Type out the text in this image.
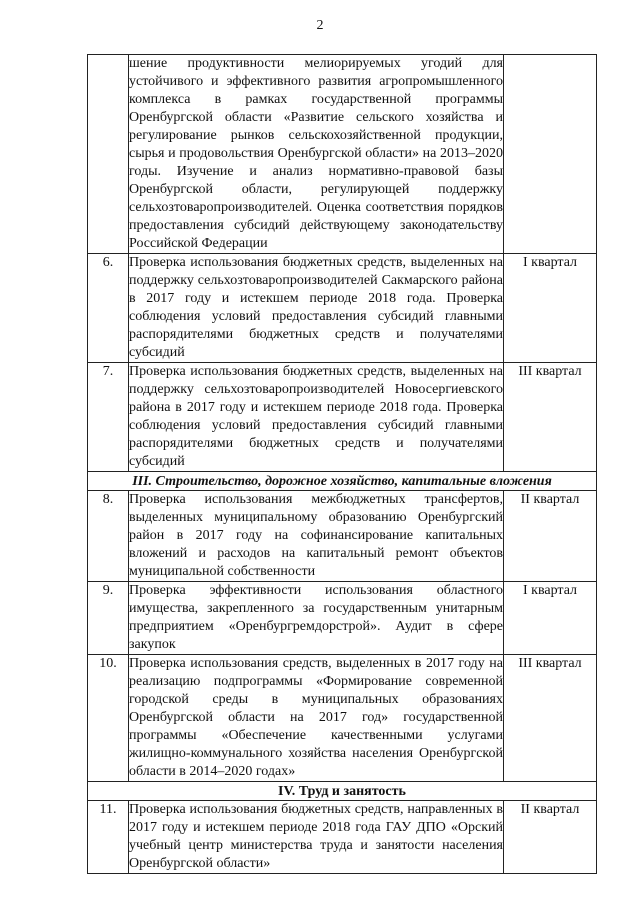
2

	шение продуктивности мелиорируемых угодий для устойчивого и эффективного развития агропромышленного комплекса в рамках государственной программы Оренбургской области «Развитие сельского хозяйства и регулирование рынков сельскохозяйственной продукции, сырья и продовольствия Оренбургской области» на 2013–2020 годы. Изучение и анализ нормативно-правовой базы Оренбургской области, регулирующей поддержку сельхозтоваропроизводителей. Оценка соответствия порядков предоставления субсидий действующему законодательству Российской Федерации	

6.	Проверка использования бюджетных средств, выделенных на поддержку сельхозтоваропроизводителей Сакмарского района в 2017 году и истекшем периоде 2018 года. Проверка соблюдения условий предоставления субсидий главными распорядителями бюджетных средств и получателями субсидий	I квартал
7.	Проверка использования бюджетных средств, выделенных на поддержку сельхозтоваропроизводителей Новосергиевского района в 2017 году и истекшем периоде 2018 года. Проверка соблюдения условий предоставления субсидий главными распорядителями бюджетных средств и получателями субсидий	III квартал
III. Строительство, дорожное хозяйство, капитальные вложения		
8.	Проверка использования межбюджетных трансфертов, выделенных муниципальному образованию Оренбургский район в 2017 году на софинансирование капитальных вложений и расходов на капитальный ремонт объектов муниципальной собственности	II квартал
9.	Проверка эффективности использования областного имущества, закрепленного за государственным унитарным предприятием «Оренбургремдорстрой». Аудит в сфере закупок	I квартал
10.	Проверка использования средств, выделенных в 2017 году на реализацию подпрограммы «Формирование современной городской среды в муниципальных образованиях Оренбургской области на 2017 год» государственной программы «Обеспечение качественными услугами жилищно-коммунального хозяйства населения Оренбургской области в 2014–2020 годах»	III квартал
IV. Труд и занятость		
11.	Проверка использования бюджетных средств, направленных в 2017 году и истекшем периоде 2018 года ГАУ ДПО «Орский учебный центр министерства труда и занятости населения Оренбургской области»	II квартал
